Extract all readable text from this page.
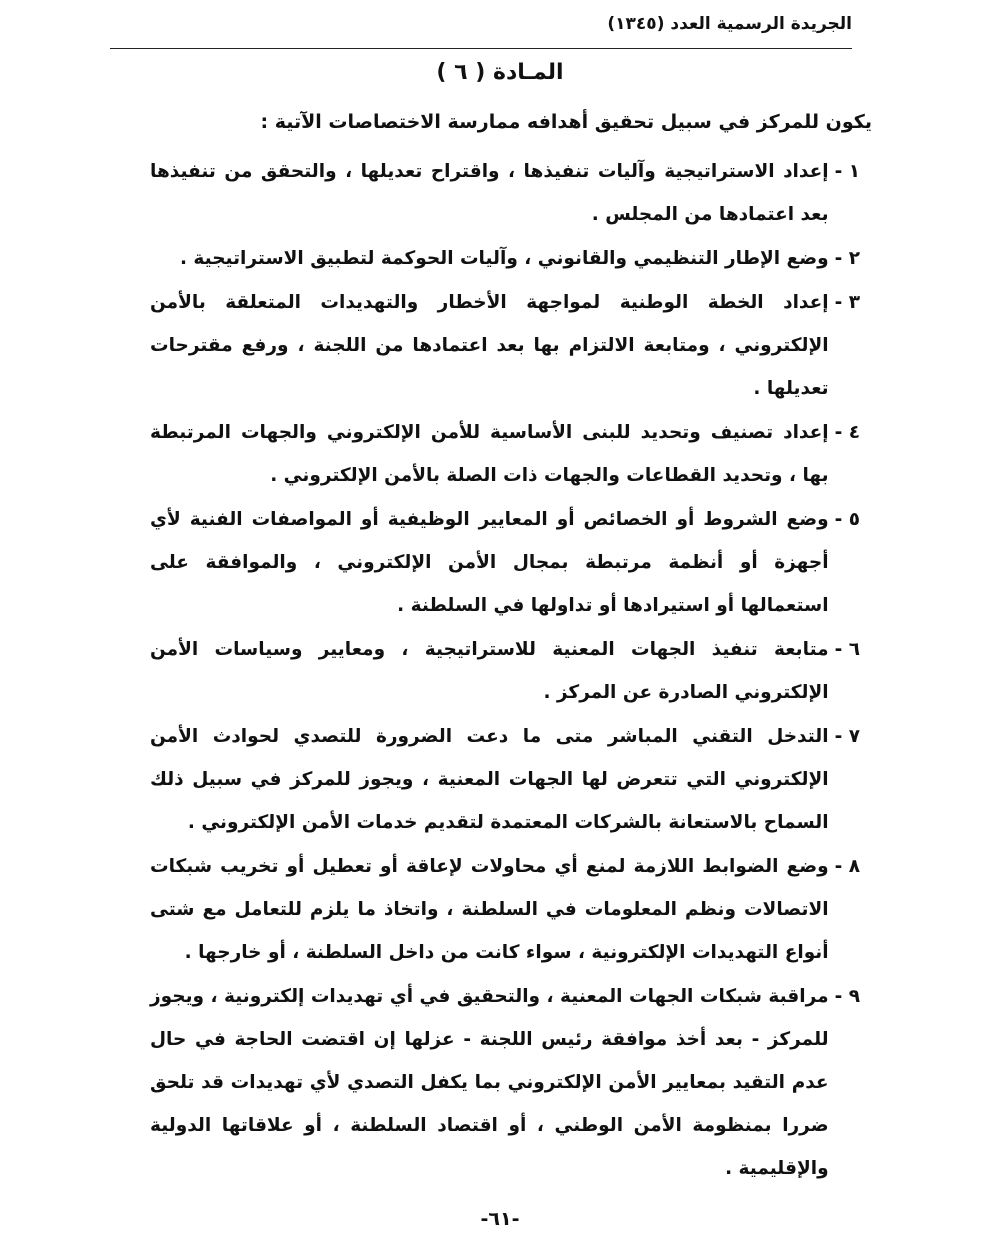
الجريدة الرسمية العدد (١٣٤٥)
المـادة ( ٦ )
يكون للمركز في سبيل تحقيق أهدافه ممارسة الاختصاصات الآتية :
١ -
إعداد الاستراتيجية وآليات تنفيذها ، واقتراح تعديلها ، والتحقق من تنفيذها بعد اعتمادها من المجلس .
٢ -
وضع الإطار التنظيمي والقانوني ، وآليات الحوكمة لتطبيق الاستراتيجية .
٣ -
إعداد الخطة الوطنية لمواجهة الأخطار والتهديدات المتعلقة بالأمن الإلكتروني ، ومتابعة الالتزام بها بعد اعتمادها من اللجنة ، ورفع مقترحات تعديلها .
٤ -
إعداد تصنيف وتحديد للبنى الأساسية للأمن الإلكتروني والجهات المرتبطة بها ، وتحديد القطاعات والجهات ذات الصلة بالأمن الإلكتروني .
٥ -
وضع الشروط أو الخصائص أو المعايير الوظيفية أو المواصفات الفنية لأي أجهزة أو أنظمة مرتبطة بمجال الأمن الإلكتروني ، والموافقة على استعمالها أو استيرادها أو تداولها في السلطنة .
٦ -
متابعة تنفيذ الجهات المعنية للاستراتيجية ، ومعايير وسياسات الأمن الإلكتروني الصادرة عن المركز .
٧ -
التدخل التقني المباشر متى ما دعت الضرورة للتصدي لحوادث الأمن الإلكتروني التي تتعرض لها الجهات المعنية ، ويجوز للمركز في سبيل ذلك السماح بالاستعانة بالشركات المعتمدة لتقديم خدمات الأمن الإلكتروني .
٨ -
وضع الضوابط اللازمة لمنع أي محاولات لإعاقة أو تعطيل أو تخريب شبكات الاتصالات ونظم المعلومات في السلطنة ، واتخاذ ما يلزم للتعامل مع شتى أنواع التهديدات الإلكترونية ، سواء كانت من داخل السلطنة ، أو خارجها .
٩ -
مراقبة شبكات الجهات المعنية ، والتحقيق في أي تهديدات إلكترونية ، ويجوز للمركز - بعد أخذ موافقة رئيس اللجنة - عزلها إن اقتضت الحاجة في حال عدم التقيد بمعايير الأمن الإلكتروني بما يكفل التصدي لأي تهديدات قد تلحق ضررا بمنظومة الأمن الوطني ، أو اقتصاد السلطنة ، أو علاقاتها الدولية والإقليمية .
-٦١-
